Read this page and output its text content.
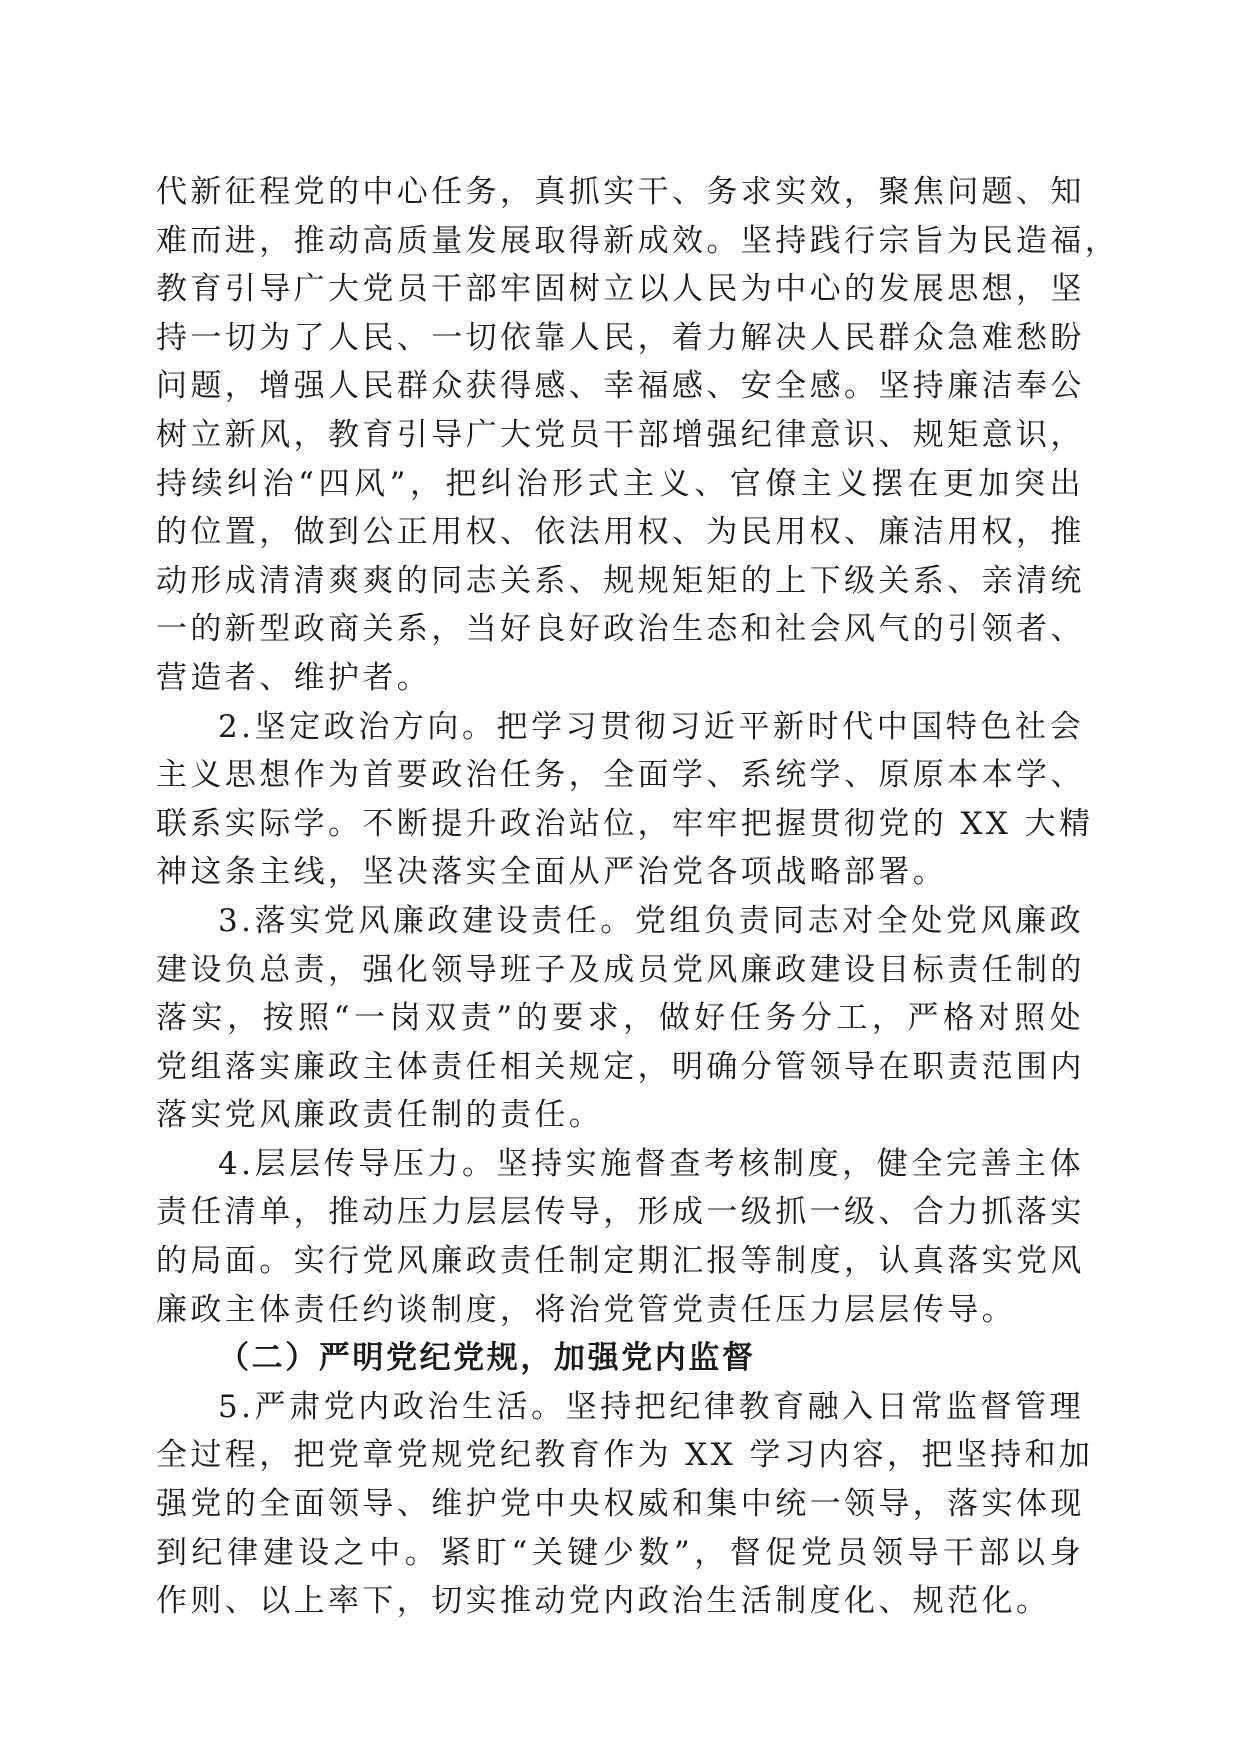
代新征程党的中心任务，真抓实干、务求实效，聚焦问题、知
难而进，推动高质量发展取得新成效。坚持践行宗旨为民造福，
教育引导广大党员干部牢固树立以人民为中心的发展思想，坚
持一切为了人民、一切依靠人民，着力解决人民群众急难愁盼
问题，增强人民群众获得感、幸福感、安全感。坚持廉洁奉公
树立新风，教育引导广大党员干部增强纪律意识、规矩意识，
持续纠治“四风”，把纠治形式主义、官僚主义摆在更加突出
的位置，做到公正用权、依法用权、为民用权、廉洁用权，推
动形成清清爽爽的同志关系、规规矩矩的上下级关系、亲清统
一的新型政商关系，当好良好政治生态和社会风气的引领者、
营造者、维护者。
2.坚定政治方向。把学习贯彻习近平新时代中国特色社会
主义思想作为首要政治任务，全面学、系统学、原原本本学、
联系实际学。不断提升政治站位，牢牢把握贯彻党的 XX 大精
神这条主线，坚决落实全面从严治党各项战略部署。
3.落实党风廉政建设责任。党组负责同志对全处党风廉政
建设负总责，强化领导班子及成员党风廉政建设目标责任制的
落实，按照“一岗双责”的要求，做好任务分工，严格对照处
党组落实廉政主体责任相关规定，明确分管领导在职责范围内
落实党风廉政责任制的责任。
4.层层传导压力。坚持实施督查考核制度，健全完善主体
责任清单，推动压力层层传导，形成一级抓一级、合力抓落实
的局面。实行党风廉政责任制定期汇报等制度，认真落实党风
廉政主体责任约谈制度，将治党管党责任压力层层传导。
（二）严明党纪党规，加强党内监督
5.严肃党内政治生活。坚持把纪律教育融入日常监督管理
全过程，把党章党规党纪教育作为 XX 学习内容，把坚持和加
强党的全面领导、维护党中央权威和集中统一领导，落实体现
到纪律建设之中。紧盯“关键少数”，督促党员领导干部以身
作则、以上率下，切实推动党内政治生活制度化、规范化。
